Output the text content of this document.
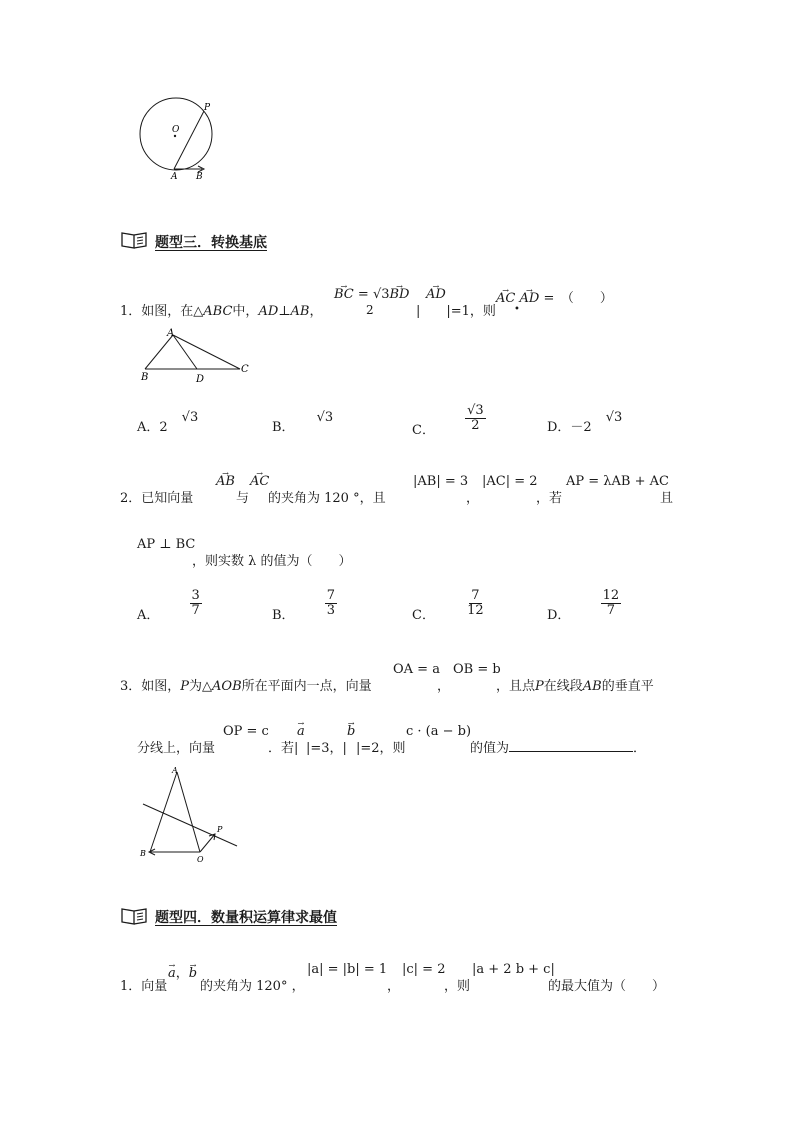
O
P
A B
题型三．转换基底
1．如图，在△ABC中，AD⊥AB，
→ BC = √3→ BD
2
→ AD
|　　|=1，则
→ AC → AD =　（　　）
•
A
B
C
D
A．2√3
B．√3
C． $\frac{√3}{2}$	D．－2√3
2．已知向量
→ AB
与
→ AC
的夹角为 120 °，且
|AB| = 3
，
|AC| = 2
，若
AP = λAB + AC
且
AP ⊥ BC
，则实数 λ 的值为（　　）
A． $\frac{3}{7}$	B． $\frac{7}{3}$	C． $\frac{7}{12}$	D． $\frac{12}{7}$
3．如图，P为△AOB所在平面内一点，向量
OA = a
，
OB = b
，且点P在线段AB的垂直平
分线上，向量
OP = c
．若|
→ a
|=3，|
→ b
|=2，则
c · (a − b)
的值为	．
A
B
O
P
题型四．数量积运算律求最值
1．向量
→ a，→ b
的夹角为 120° ，
|a| = |b| = 1
，
|c| = 2
，则
|a + 2 b + c|
的最大值为（　　）
